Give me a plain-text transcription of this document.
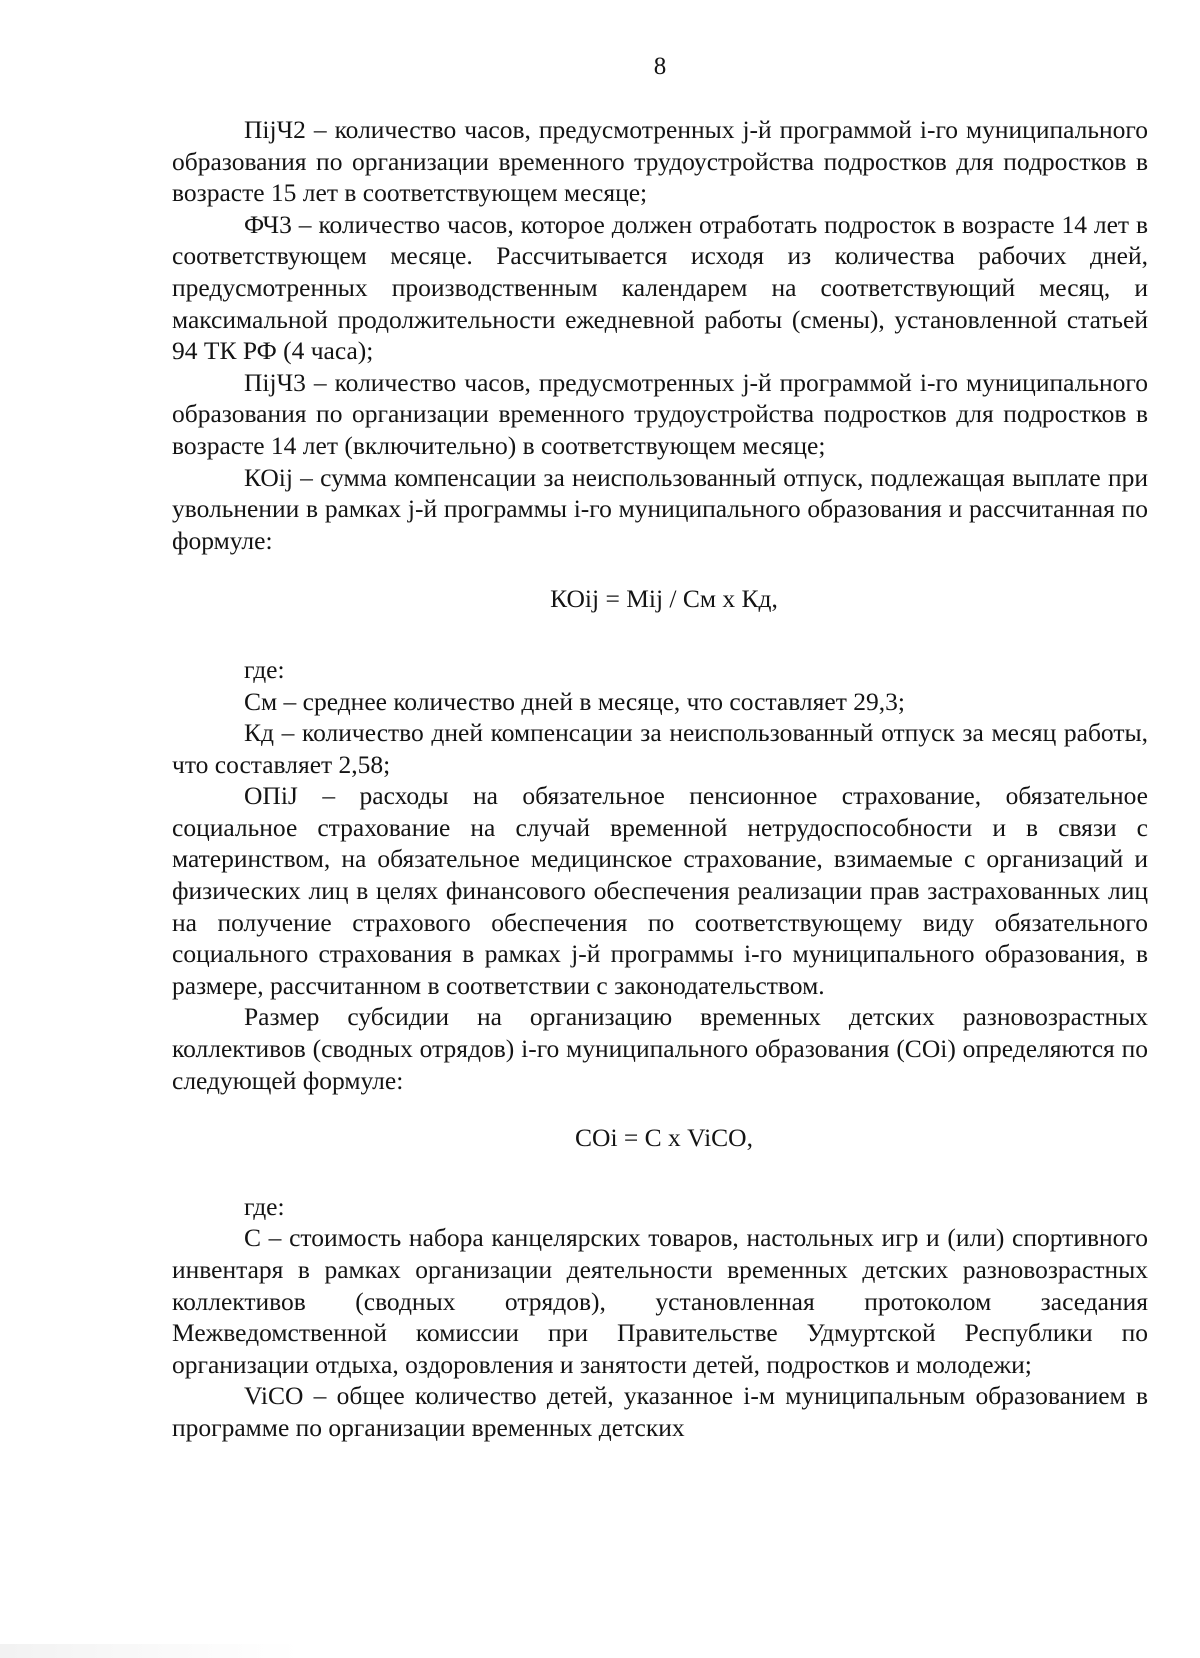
8

ПiјЧ2 – количество часов, предусмотренных j-й программой i-го муниципального образования по организации временного трудоустройства подростков для подростков в возрасте 15 лет в соответствующем месяце;

ФЧ3 – количество часов, которое должен отработать подросток в возрасте 14 лет в соответствующем месяце. Рассчитывается исходя из количества рабочих дней, предусмотренных производственным календарем на соответствующий месяц, и максимальной продолжительности ежедневной работы (смены), установленной статьей 94 ТК РФ (4 часа);

ПiјЧ3 – количество часов, предусмотренных j-й программой i-го муниципального образования по организации временного трудоустройства подростков для подростков в возрасте 14 лет (включительно) в соответствующем месяце;

КОiј – сумма компенсации за неиспользованный отпуск, подлежащая выплате при увольнении в рамках j-й программы i-го муниципального образования и рассчитанная по формуле:

КОiј = Miј / См х Кд,

где:

См – среднее количество дней в месяце, что составляет 29,3;

Кд – количество дней компенсации за неиспользованный отпуск за месяц работы, что составляет 2,58;

ОПiЈ – расходы на обязательное пенсионное страхование, обязательное социальное страхование на случай временной нетрудоспособности и в связи с материнством, на обязательное медицинское страхование, взимаемые с организаций и физических лиц в целях финансового обеспечения реализации прав застрахованных лиц на получение страхового обеспечения по соответствующему виду обязательного социального страхования в рамках j-й программы i-го муниципального образования, в размере, рассчитанном в соответствии с законодательством.

Размер субсидии на организацию временных детских разновозрастных коллективов (сводных отрядов) i-го муниципального образования (COi) определяются по следующей формуле:

COi = C х ViCO,

где:

С – стоимость набора канцелярских товаров, настольных игр и (или) спортивного инвентаря в рамках организации деятельности временных детских разновозрастных коллективов (сводных отрядов), установленная протоколом заседания Межведомственной комиссии при Правительстве Удмуртской Республики по организации отдыха, оздоровления и занятости детей, подростков и молодежи;

ViCO – общее количество детей, указанное i-м муниципальным образованием в программе по организации временных детских
